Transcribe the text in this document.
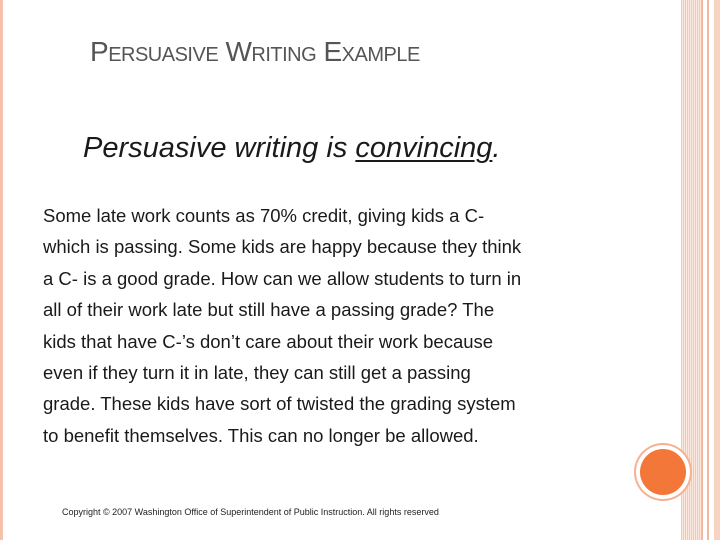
PERSUASIVE WRITING EXAMPLE

Persuasive writing is convincing.

Some late work counts as 70% credit, giving kids a C-
which is passing. Some kids are happy because they think
a C- is a good grade. How can we allow students to turn in
all of their work late but still have a passing grade? The
kids that have C-’s don’t care about their work because
even if they turn it in late, they can still get a passing
grade. These kids have sort of twisted the grading system
to benefit themselves. This can no longer be allowed.

Copyright © 2007 Washington Office of Superintendent of Public Instruction. All rights reserved
